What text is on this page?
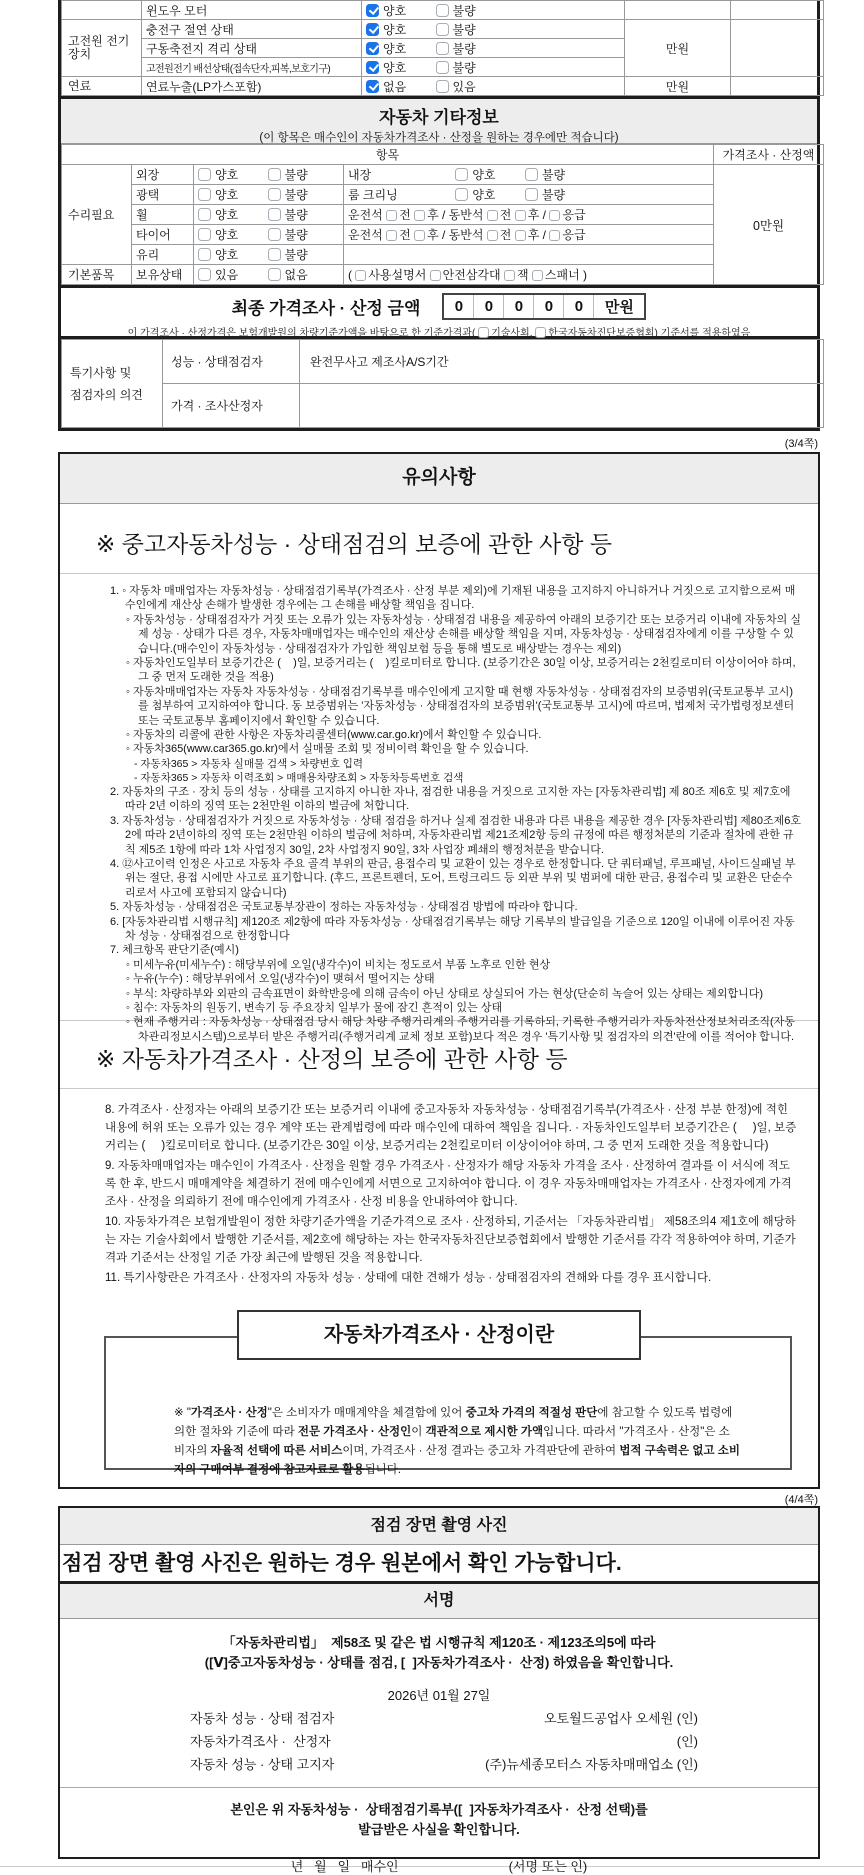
	윈도우 모터	양호 불량		
고전원 전기장치	충전구 절연 상태	양호 불량	만원	
	구동축전지 격리 상태	양호 불량		
	고전원전기 배선상태(접속단자,피복,보호기구)	양호 불량		
연료	연료누출(LP가스포함)	없음 있음	만원	
자동차 기타정보
(이 항목은 매수인이 자동차가격조사 · 산정을 원하는 경우에만 적습니다)
항목				가격조사 · 산정액
수리필요	외장	양호 불량	내장 양호 불량	0만원
	광택	양호 불량	룸 크리닝 양호 불량	
	휠	양호 불량	운전석 전 후 / 동반석 전 후 / 응급	
	타이어	양호 불량	운전석 전 후 / 동반석 전 후 / 응급	
	유리	양호 불량		
기본품목	보유상태	있음 없음	( 사용설명서 안전삼각대 잭 스패너 )	
최종 가격조사 · 산정 금액	0	0	0	0	0	만원
이 가격조사 · 산정가격은 보험개발원의 차량기준가액을 바탕으로 한 기준가격과( 기술사회, 한국자동차진단보증협회) 기준서를 적용하였음
특기사항 및
점검자의 의견	성능 · 상태점검자	완전무사고 제조사A/S기간
	가격 · 조사산정자	
(3/4쪽)
유의사항
※ 중고자동차성능 · 상태점검의 보증에 관한 사항 등
1. ◦ 자동차 매매업자는 자동차성능 · 상태점검기록부(가격조사 · 산정 부분 제외)에 기재된 내용을 고지하지 아니하거나 거짓으로 고지함으로써 매수인에게 재산상 손해가 발생한 경우에는 그 손해를 배상할 책임을 집니다.
◦ 자동차성능 · 상태점검자가 거짓 또는 오류가 있는 자동차성능 · 상태점검 내용을 제공하여 아래의 보증기간 또는 보증거리 이내에 자동차의 실제 성능 · 상태가 다른 경우, 자동차매매업자는 매수인의 재산상 손해를 배상할 책임을 지며, 자동차성능 · 상태점검자에게 이를 구상할 수 있습니다.(매수인이 자동차성능 · 상태점검자가 가입한 책임보험 등을 통해 별도로 배상받는 경우는 제외)
◦ 자동차인도일부터 보증기간은 (    )일, 보증거리는 (    )킬로미터로 합니다. (보증기간은 30일 이상, 보증거리는 2천킬로미터 이상이어야 하며, 그 중 먼저 도래한 것을 적용)
◦ 자동차매매업자는 자동차 자동차성능 · 상태점검기록부를 매수인에게 고지할 때 현행 자동차성능 · 상태점검자의 보증범위(국토교통부 고시)를 첨부하여 고지하여야 합니다. 동 보증범위는 '자동차성능 · 상태점검자의 보증범위'(국토교통부 고시)에 따르며, 법제처 국가법령정보센터 또는 국토교통부 홈페이지에서 확인할 수 있습니다.
◦ 자동차의 리콜에 관한 사항은 자동차리콜센터(www.car.go.kr)에서 확인할 수 있습니다.
◦ 자동차365(www.car365.go.kr)에서 실매물 조회 및 정비이력 확인을 할 수 있습니다.
- 자동차365 > 자동차 실매물 검색 > 차량번호 입력
- 자동차365 > 자동차 이력조회 > 매매용차량조회 > 자동차등록번호 검색
2. 자동차의 구조 · 장치 등의 성능 · 상태를 고지하지 아니한 자나, 점검한 내용을 거짓으로 고지한 자는 [자동차관리법] 제 80조 제6호 및 제7호에 따라 2년 이하의 징역 또는 2천만원 이하의 벌금에 처합니다.
3. 자동차성능 · 상태점검자가 거짓으로 자동차성능 · 상태 점검을 하거나 실제 점검한 내용과 다른 내용을 제공한 경우 [자동차관리법] 제80조제6호2에 따라 2년이하의 징역 또는 2천만원 이하의 벌금에 처하며, 자동차관리법 제21조제2항 등의 규정에 따른 행정처분의 기준과 절차에 관한 규칙 제5조 1항에 따라 1차 사업정지 30일, 2차 사업정지 90일, 3차 사업장 폐쇄의 행정처분을 받습니다.
4. ⑫사고이력 인정은 사고로 자동차 주요 골격 부위의 판금, 용접수리 및 교환이 있는 경우로 한정합니다. 단 쿼터패널, 루프패널, 사이드실패널 부위는 절단, 용접 시에만 사고로 표기합니다. (후드, 프론트펜더, 도어, 트렁크리드 등 외판 부위 및 범퍼에 대한 판금, 용접수리 및 교환은 단순수리로서 사고에 포함되지 않습니다)
5. 자동차성능 · 상태점검은 국토교통부장관이 정하는 자동차성능 · 상태점검 방법에 따라야 합니다.
6. [자동차관리법 시행규칙] 제120조 제2항에 따라 자동차성능 · 상태점검기록부는 해당 기록부의 발급일을 기준으로 120일 이내에 이루어진 자동차 성능 · 상태점검으로 한정합니다
7. 체크항목 판단기준(예시)
◦ 미세누유(미세누수) : 해당부위에 오일(냉각수)이 비치는 정도로서 부품 노후로 인한 현상
◦ 누유(누수) : 해당부위에서 오일(냉각수)이 맺혀서 떨어지는 상태
◦ 부식: 차량하부와 외판의 금속표면이 화학반응에 의해 금속이 아닌 상태로 상실되어 가는 현상(단순히 녹슬어 있는 상태는 제외합니다)
◦ 침수: 자동차의 원동기, 변속기 등 주요장치 일부가 물에 잠긴 흔적이 있는 상태
◦ 현재 주행거리 : 자동차성능 · 상태점검 당시 해당 차량 주행거리계의 주행거리를 기록하되, 기록한 주행거리가 자동차전산정보처리조직(자동차관리정보시스템)으로부터 받은 주행거리(주행거리계 교체 정보 포함)보다 적은 경우 '특기사항 및 점검자의 의견'란에 이를 적어야 합니다.
※ 자동차가격조사 · 산정의 보증에 관한 사항 등
8. 가격조사 · 산정자는 아래의 보증기간 또는 보증거리 이내에 중고자동차 자동차성능 · 상태점검기록부(가격조사 · 산정 부분 한정)에 적힌 내용에 허위 또는 오류가 있는 경우 계약 또는 관계법령에 따라 매수인에 대하여 책임을 집니다. · 자동차인도일부터 보증기간은 (     )일, 보증거리는 (     )킬로미터로 합니다. (보증기간은 30일 이상, 보증거리는 2천킬로미터 이상이어야 하며, 그 중 먼저 도래한 것을 적용합니다)
9. 자동차매매업자는 매수인이 가격조사 · 산정을 원할 경우 가격조사 · 산정자가 해당 자동차 가격을 조사 · 산정하여 결과를 이 서식에 적도록 한 후, 반드시 매매계약을 체결하기 전에 매수인에게 서면으로 고지하여야 합니다. 이 경우 자동차매매업자는 가격조사 · 산정자에게 가격조사 · 산정을 의뢰하기 전에 매수인에게 가격조사 · 산정 비용을 안내하여야 합니다.
10. 자동차가격은 보험개발원이 정한 차량기준가액을 기준가격으로 조사 · 산정하되, 기준서는 「자동차관리법」 제58조의4 제1호에 해당하는 자는 기술사회에서 발행한 기준서를, 제2호에 해당하는 자는 한국자동차진단보증협회에서 발행한 기준서를 각각 적용하여야 하며, 기준가격과 기준서는 산정일 기준 가장 최근에 발행된 것을 적용합니다.
11. 특기사항란은 가격조사 · 산정자의 자동차 성능 · 상태에 대한 견해가 성능 · 상태점검자의 견해와 다를 경우 표시합니다.
자동차가격조사 · 산정이란
※ "가격조사 · 산정"은 소비자가 매매계약을 체결함에 있어 중고차 가격의 적절성 판단에 참고할 수 있도록 법령에 의한 절차와 기준에 따라 전문 가격조사 · 산정인이 객관적으로 제시한 가액입니다. 따라서 "가격조사 · 산정"은 소비자의 자율적 선택에 따른 서비스이며, 가격조사 · 산정 결과는 중고차 가격판단에 관하여 법적 구속력은 없고 소비자의 구매여부 결정에 참고자료로 활용됩니다.
(4/4쪽)
점검 장면 촬영 사진
점검 장면 촬영 사진은 원하는 경우 원본에서 확인 가능합니다.
서명
「자동차관리법」  제58조 및 같은 법 시행규칙 제120조 · 제123조의5에 따라
([Ⅴ]중고자동차성능 · 상태를 점검, [  ]자동차가격조사 ·  산정) 하였음을 확인합니다.
2026년 01월 27일
자동차 성능 · 상태 점검자	오토월드공업사 오세원 (인)
자동차가격조사 ·  산정자	(인)
자동차 성능 · 상태 고지자	(주)뉴세종모터스 자동차매매업소 (인)
본인은 위 자동차성능 ·  상태점검기록부([  ]자동차가격조사 ·  산정 선택)를
발급받은 사실을 확인합니다.
년   월   일   매수인	(서명 또는 인)
